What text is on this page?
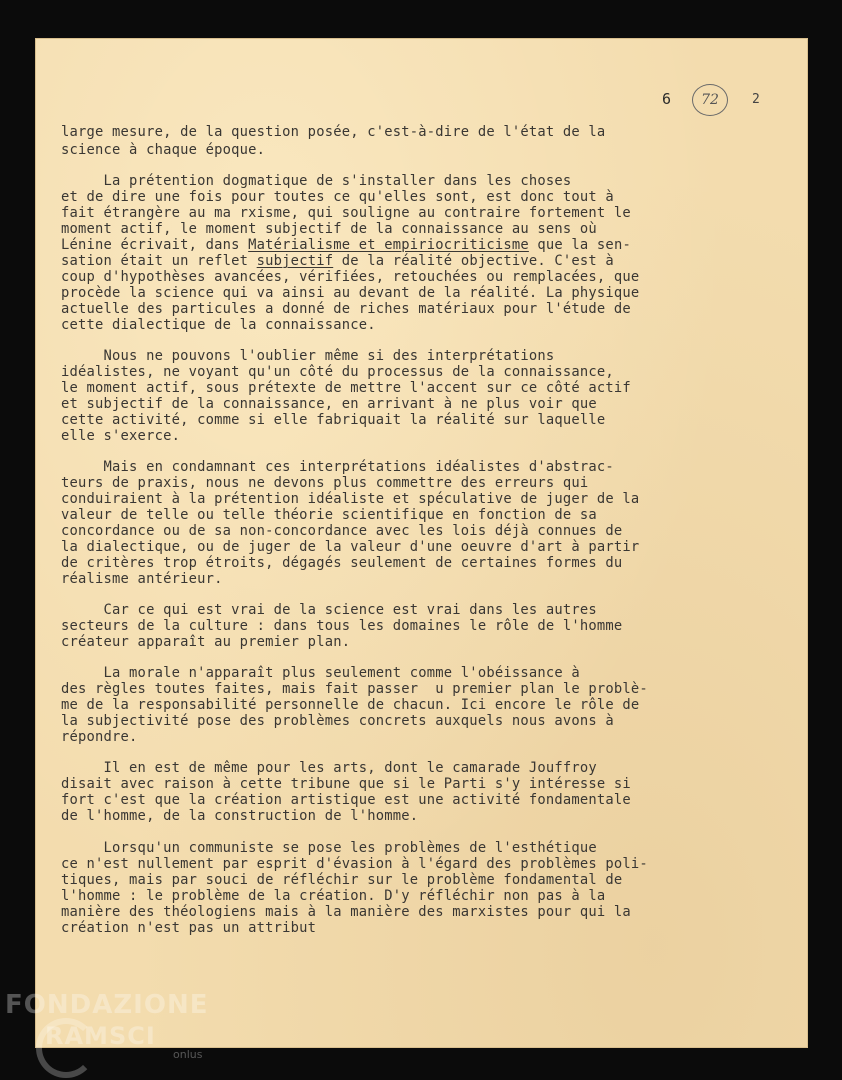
6	72	2

large mesure, de la question posée, c'est-à-dire de l'état de la

science à chaque époque.

La prétention dogmatique de s'installer dans les choses

et de dire une fois pour toutes ce qu'elles sont, est donc tout à

fait étrangère au ma rxisme, qui souligne au contraire fortement le

moment actif, le moment subjectif de la connaissance au sens où

Lénine écrivait, dans Matérialisme et empiriocriticisme que la sen-

sation était un reflet subjectif de la réalité objective. C'est à

coup d'hypothèses avancées, vérifiées, retouchées ou remplacées, que

procède la science qui va ainsi au devant de la réalité. La physique

actuelle des particules a donné de riches matériaux pour l'étude de

cette dialectique de la connaissance.

Nous ne pouvons l'oublier même si des interprétations

idéalistes, ne voyant qu'un côté du processus de la connaissance,

le moment actif, sous prétexte de mettre l'accent sur ce côté actif

et subjectif de la connaissance, en arrivant à ne plus voir que

cette activité, comme si elle fabriquait la réalité sur laquelle

elle s'exerce.

Mais en condamnant ces interprétations idéalistes d'abstrac-

teurs de praxis, nous ne devons plus commettre des erreurs qui

conduiraient à la prétention idéaliste et spéculative de juger de la

valeur de telle ou telle théorie scientifique en fonction de sa

concordance ou de sa non-concordance avec les lois déjà connues de

la dialectique, ou de juger de la valeur d'une oeuvre d'art à partir

de critères trop étroits, dégagés seulement de certaines formes du

réalisme antérieur.

Car ce qui est vrai de la science est vrai dans les autres

secteurs de la culture : dans tous les domaines le rôle de l'homme

créateur apparaît au premier plan.

La morale n'apparaît plus seulement comme l'obéissance à

des règles toutes faites, mais fait passer  u premier plan le problè-

me de la responsabilité personnelle de chacun. Ici encore le rôle de

la subjectivité pose des problèmes concrets auxquels nous avons à

répondre.

Il en est de même pour les arts, dont le camarade Jouffroy

disait avec raison à cette tribune que si le Parti s'y intéresse si

fort c'est que la création artistique est une activité fondamentale

de l'homme, de la construction de l'homme.

Lorsqu'un communiste se pose les problèmes de l'esthétique

ce n'est nullement par esprit d'évasion à l'égard des problèmes poli-

tiques, mais par souci de réfléchir sur le problème fondamental de

l'homme : le problème de la création. D'y réfléchir non pas à la

manière des théologiens mais à la manière des marxistes pour qui la

création n'est pas un attribut

FONDAZIONE
RAMSCI
onlus
